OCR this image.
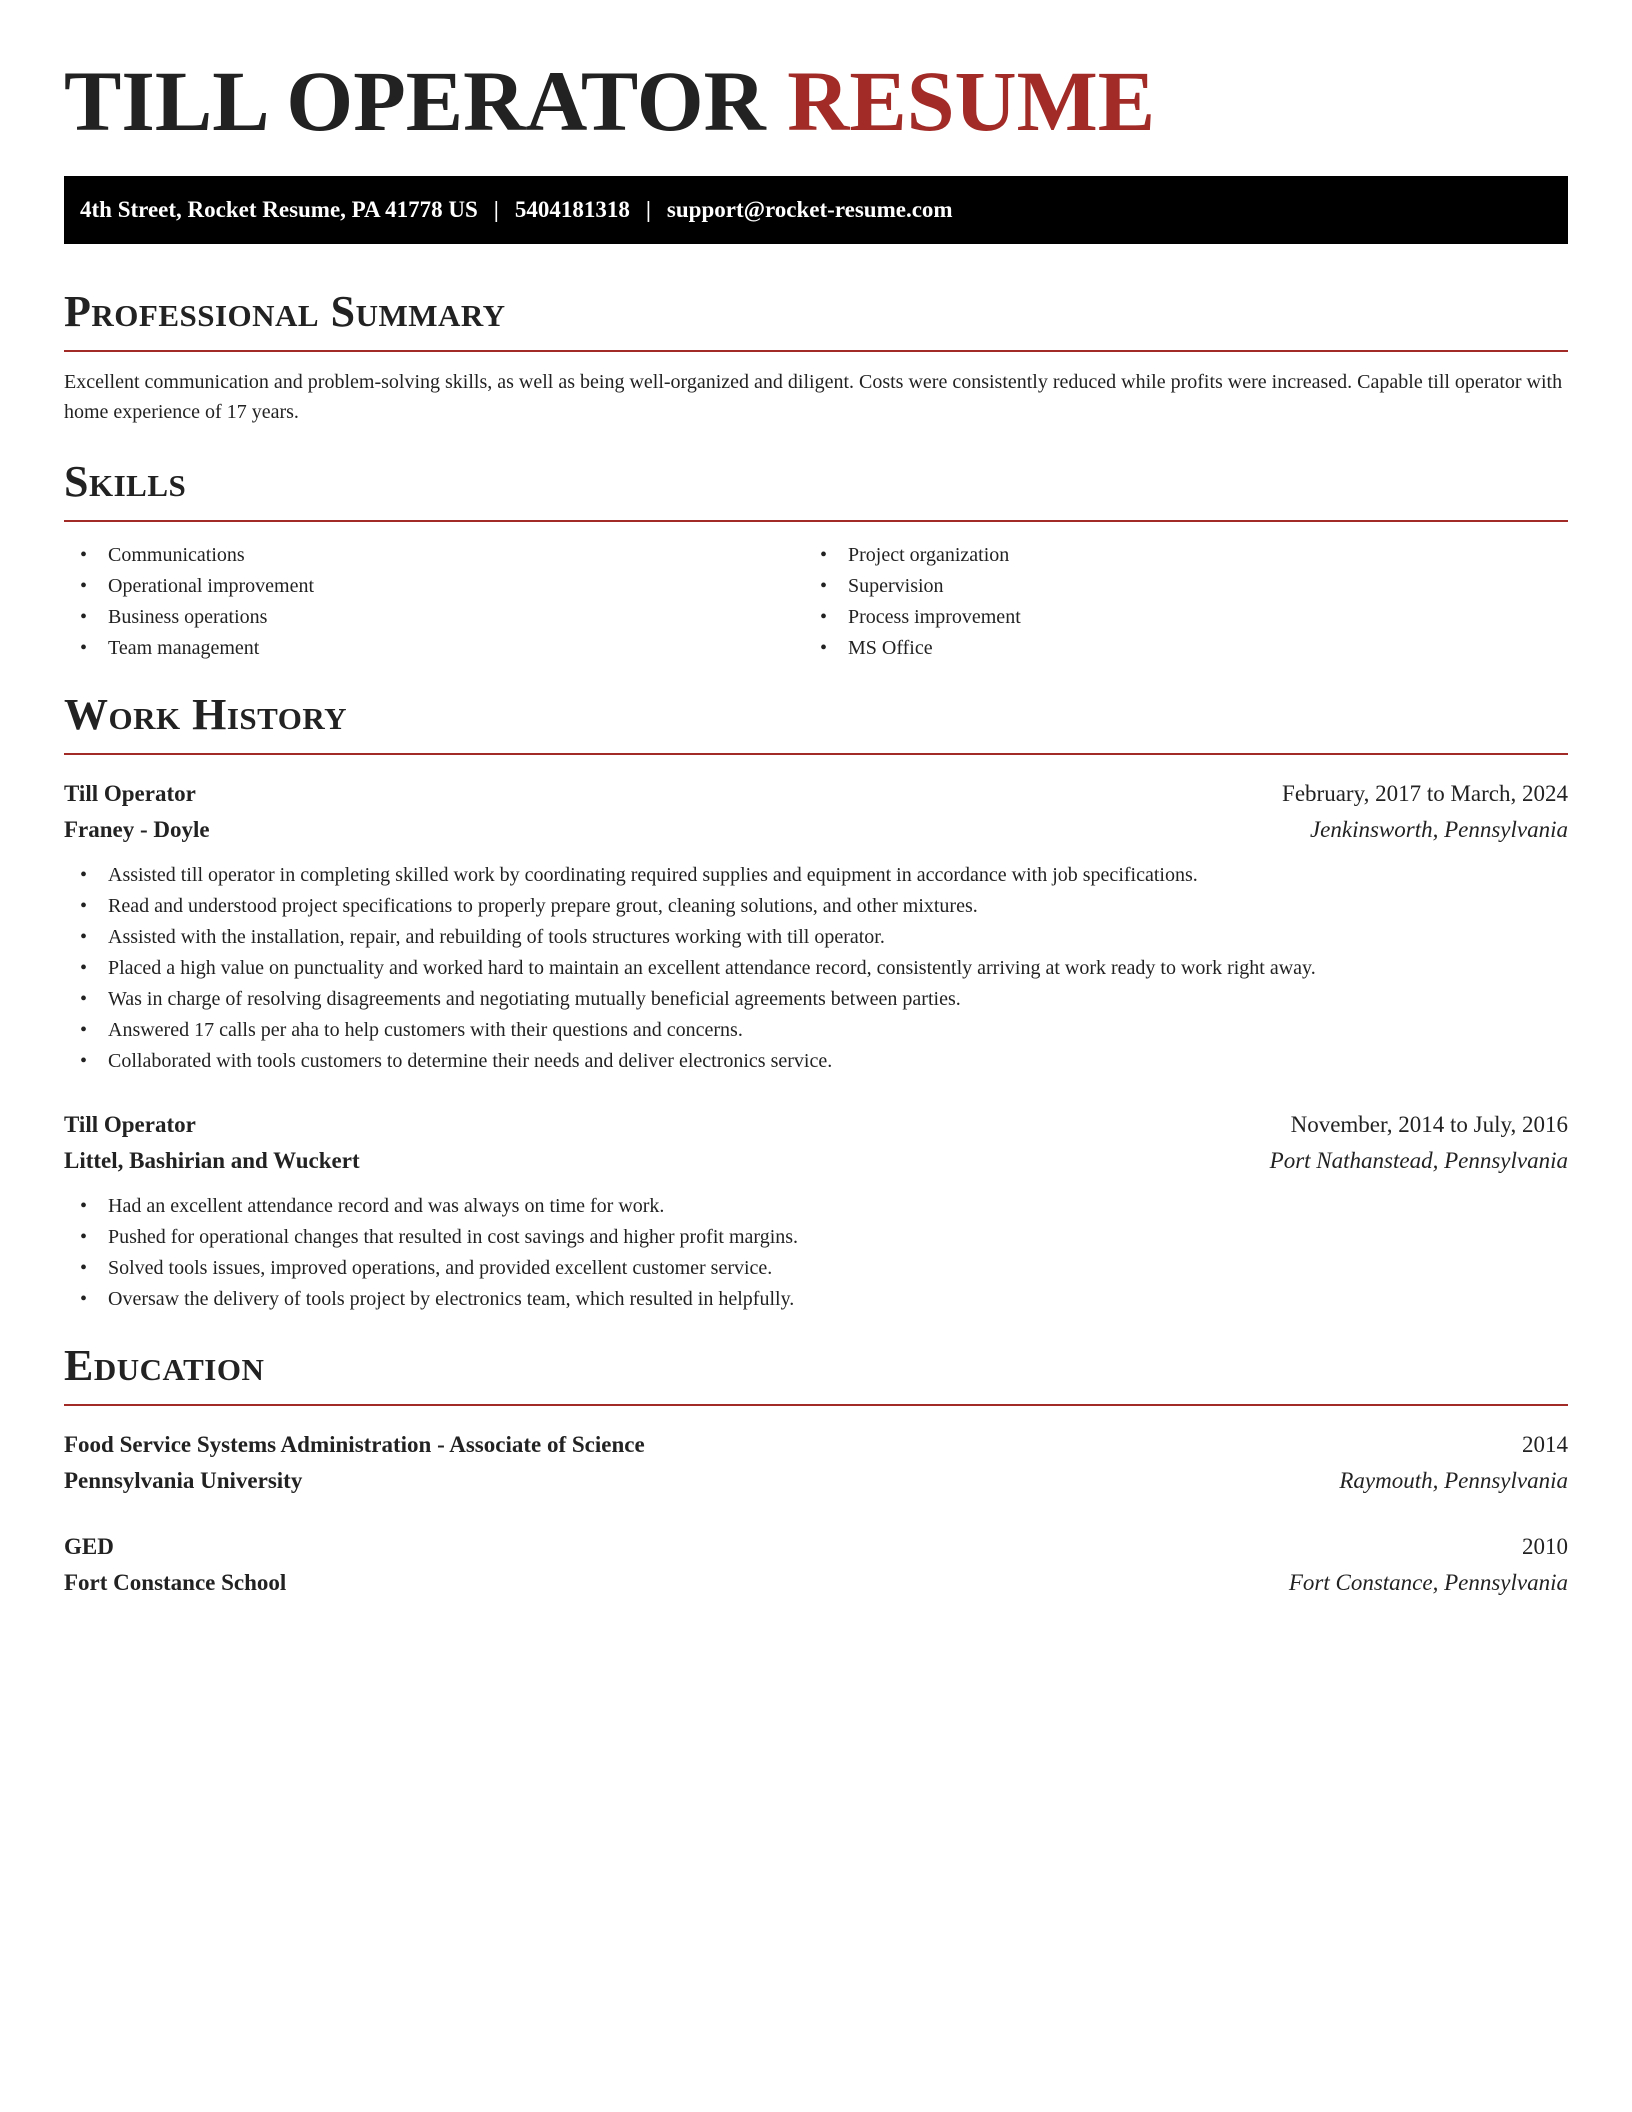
TILL OPERATOR RESUME
4th Street, Rocket Resume, PA 41778 US | 5404181318 | support@rocket-resume.com
Professional Summary

Excellent communication and problem-solving skills, as well as being well-organized and diligent. Costs were consistently reduced while profits were increased. Capable till operator with home experience of 17 years.

Skills
• Communications
• Operational improvement
• Business operations
• Team management
• Project organization
• Supervision
• Process improvement
• MS Office
Work History
Till Operator	February, 2017 to March, 2024
Franey - Doyle	Jenkinsworth, Pennsylvania
• Assisted till operator in completing skilled work by coordinating required supplies and equipment in accordance with job specifications.
• Read and understood project specifications to properly prepare grout, cleaning solutions, and other mixtures.
• Assisted with the installation, repair, and rebuilding of tools structures working with till operator.
• Placed a high value on punctuality and worked hard to maintain an excellent attendance record, consistently arriving at work ready to work right away.
• Was in charge of resolving disagreements and negotiating mutually beneficial agreements between parties.
• Answered 17 calls per aha to help customers with their questions and concerns.
• Collaborated with tools customers to determine their needs and deliver electronics service.
Till Operator	November, 2014 to July, 2016
Littel, Bashirian and Wuckert	Port Nathanstead, Pennsylvania
• Had an excellent attendance record and was always on time for work.
• Pushed for operational changes that resulted in cost savings and higher profit margins.
• Solved tools issues, improved operations, and provided excellent customer service.
• Oversaw the delivery of tools project by electronics team, which resulted in helpfully.
Education
Food Service Systems Administration - Associate of Science	2014
Pennsylvania University	Raymouth, Pennsylvania
GED	2010
Fort Constance School	Fort Constance, Pennsylvania
